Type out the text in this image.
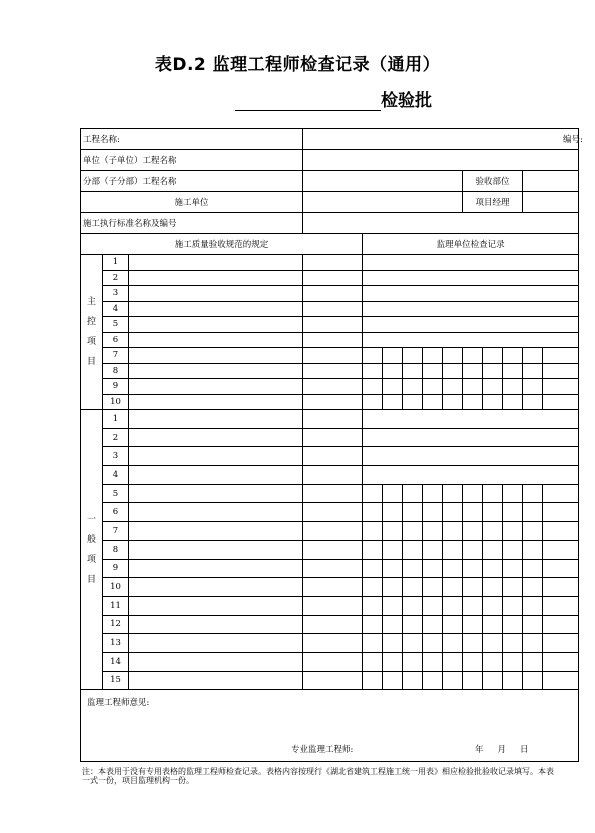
表D.2 监理工程师检查记录（通用）
检验批
工程名称:			编号:										
单位（子单位）工程名称													
分部（子分部）工程名称									验收部位				
施工单位									项目经理				
施工执行标准名称及编号													
施工质量验收规范的规定				监理单位检查记录									

主
控
项
目	1												
	2												
	3												
	4												
	5												
	6												
	7												
	8												
	9												
	10												

一
般
项
目	1												
	2												
	3												
	4												
	5												
	6												
	7												
	8												
	9												
	10												
	11												
	12												
	13												
	14												
	15												
监理工程师意见:
专业监理工程师: 年 月 日													
注：本表用于没有专用表格的监理工程师检查记录。表格内容按现行《湖北省建筑工程施工统一用表》相应检验批验收记录填写。本表一式一份，项目监理机构一份。
